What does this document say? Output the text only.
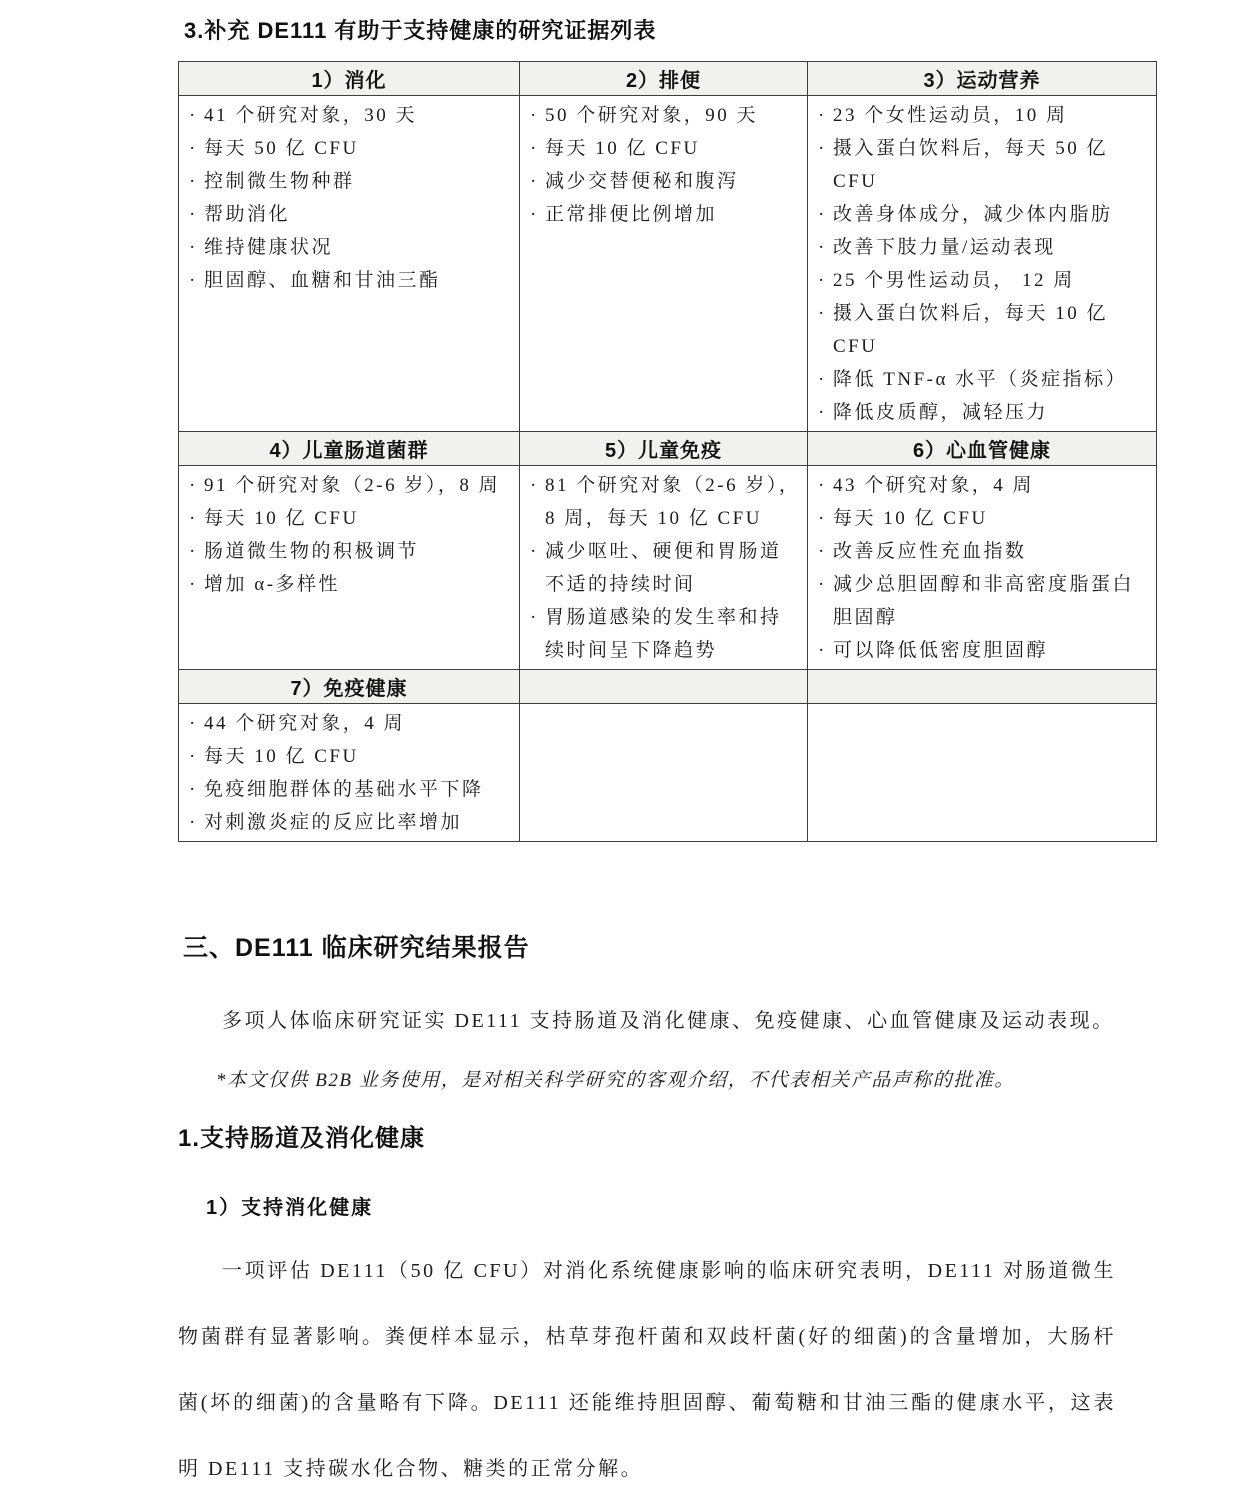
3.补充 DE111 有助于支持健康的研究证据列表
1）消化	2）排便	3）运动营养

· 41 个研究对象，30 天
· 每天 50 亿 CFU
· 控制微生物种群
· 帮助消化
· 维持健康状况
· 胆固醇、血糖和甘油三酯

· 50 个研究对象，90 天
· 每天 10 亿 CFU
· 减少交替便秘和腹泻
· 正常排便比例增加

· 23 个女性运动员，10 周
· 摄入蛋白饮料后，每天 50 亿 CFU
· 改善身体成分，减少体内脂肪
· 改善下肢力量/运动表现
· 25 个男性运动员， 12 周
· 摄入蛋白饮料后，每天 10 亿 CFU
· 降低 TNF-α 水平（炎症指标）
· 降低皮质醇，减轻压力

4）儿童肠道菌群	5）儿童免疫	6）心血管健康

· 91 个研究对象（2-6 岁），8 周
· 每天 10 亿 CFU
· 肠道微生物的积极调节
· 增加 α-多样性

· 81 个研究对象（2-6 岁），8 周，每天 10 亿 CFU
· 减少呕吐、硬便和胃肠道不适的持续时间
· 胃肠道感染的发生率和持续时间呈下降趋势

· 43 个研究对象，4 周
· 每天 10 亿 CFU
· 改善反应性充血指数
· 减少总胆固醇和非高密度脂蛋白胆固醇
· 可以降低低密度胆固醇

7）免疫健康		

· 44 个研究对象，4 周
· 每天 10 亿 CFU
· 免疫细胞群体的基础水平下降
· 对刺激炎症的反应比率增加

三、DE111 临床研究结果报告

多项人体临床研究证实 DE111 支持肠道及消化健康、免疫健康、心血管健康及运动表现。

*本文仅供 B2B 业务使用，是对相关科学研究的客观介绍，不代表相关产品声称的批准。

1.支持肠道及消化健康
1）支持消化健康

一项评估 DE111（50 亿 CFU）对消化系统健康影响的临床研究表明，DE111 对肠道微生物菌群有显著影响。粪便样本显示，枯草芽孢杆菌和双歧杆菌(好的细菌)的含量增加，大肠杆菌(坏的细菌)的含量略有下降。DE111 还能维持胆固醇、葡萄糖和甘油三酯的健康水平，这表明 DE111 支持碳水化合物、糖类的正常分解。
